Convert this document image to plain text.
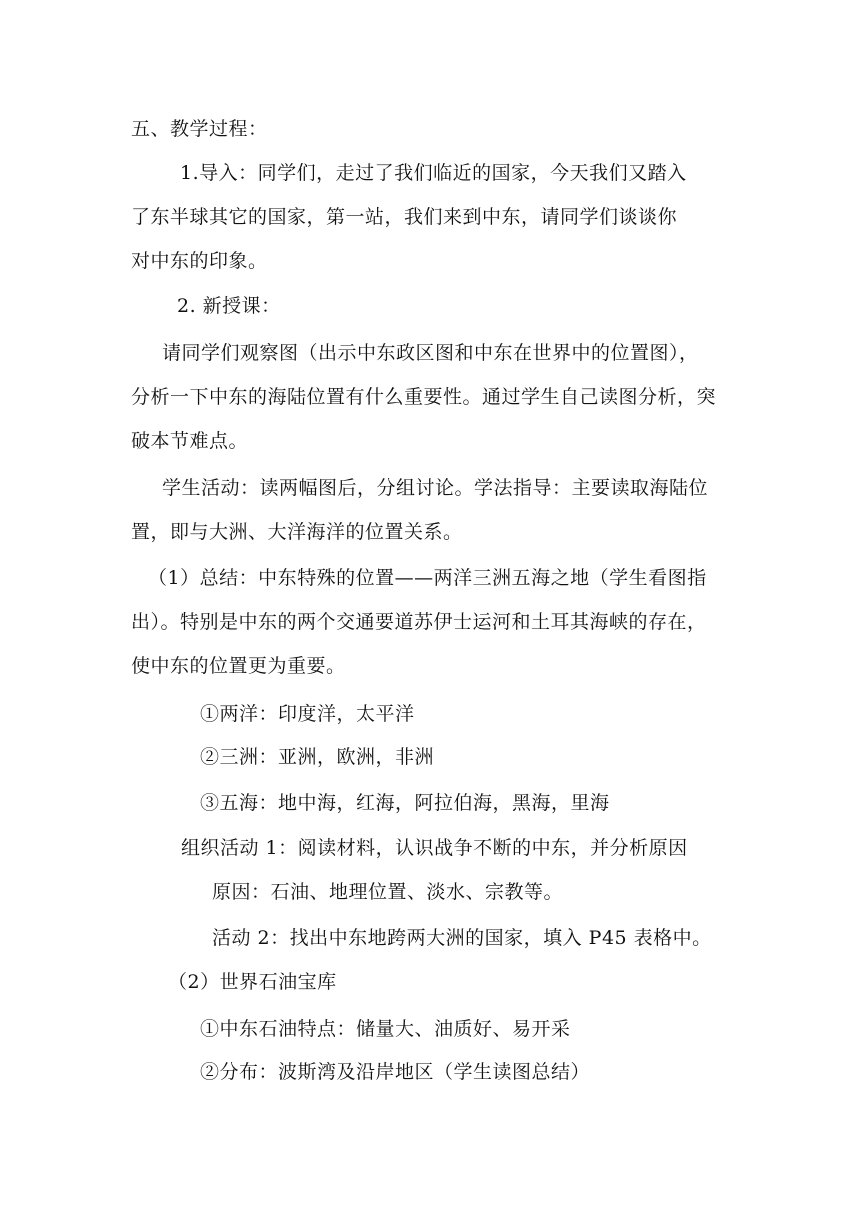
五、教学过程：
1.导入：同学们，走过了我们临近的国家，今天我们又踏入
了东半球其它的国家，第一站，我们来到中东，请同学们谈谈你
对中东的印象。
2. 新授课：
请同学们观察图（出示中东政区图和中东在世界中的位置图），
分析一下中东的海陆位置有什么重要性。通过学生自己读图分析，突
破本节难点。
学生活动：读两幅图后，分组讨论。学法指导：主要读取海陆位
置，即与大洲、大洋海洋的位置关系。
（1）总结：中东特殊的位置——两洋三洲五海之地（学生看图指
出）。特别是中东的两个交通要道苏伊士运河和土耳其海峡的存在，
使中东的位置更为重要。
①两洋：印度洋，太平洋
②三洲：亚洲，欧洲，非洲
③五海：地中海，红海，阿拉伯海，黑海，里海
组织活动 1：阅读材料，认识战争不断的中东，并分析原因
原因：石油、地理位置、淡水、宗教等。
活动 2：找出中东地跨两大洲的国家，填入 P45 表格中。
（2）世界石油宝库
①中东石油特点：储量大、油质好、易开采
②分布：波斯湾及沿岸地区（学生读图总结）
